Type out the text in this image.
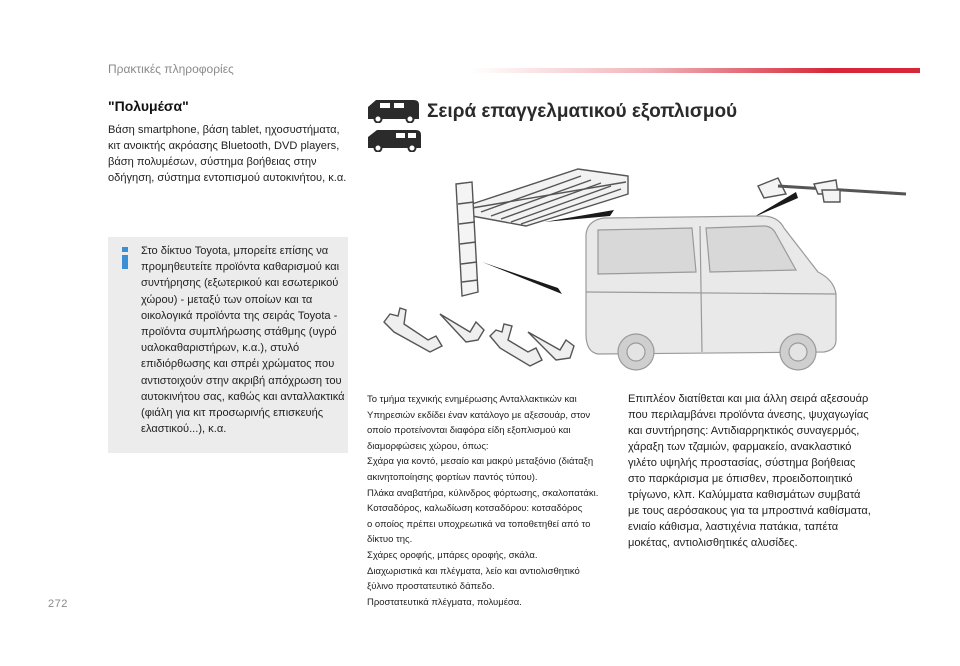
Πρακτικές πληροφορίες
"Πολυμέσα"

Βάση smartphone, βάση tablet, ηχοσυστήματα, κιτ ανοικτής ακρόασης Bluetooth, DVD players, βάση πολυμέσων, σύστημα βοήθειας στην οδήγηση, σύστημα εντοπισμού αυτοκινήτου, κ.α.

Στο δίκτυο Toyota, μπορείτε επίσης να προμηθευτείτε προϊόντα καθαρισμού και συντήρησης (εξωτερικού και εσωτερικού χώρου) - μεταξύ των οποίων και τα οικολογικά προϊόντα της σειράς Toyota - προϊόντα συμπλήρωσης στάθμης (υγρό υαλοκαθαριστήρων, κ.α.), στυλό επιδιόρθωσης και σπρέι χρώματος που αντιστοιχούν στην ακριβή απόχρωση του αυτοκινήτου σας, καθώς και ανταλλακτικά (φιάλη για κιτ προσωρινής επισκευής ελαστικού...), κ.α.
Σειρά επαγγελματικού εξοπλισμού

Το τμήμα τεχνικής ενημέρωσης Ανταλλακτικών και

Υπηρεσιών εκδίδει έναν κατάλογο με αξεσουάρ, στον

οποίο προτείνονται διαφόρα είδη εξοπλισμού και

διαμορφώσεις χώρου, όπως:

Σχάρα για κοντό, μεσαίο και μακρύ μεταξόνιο (διάταξη

ακινητοποίησης φορτίων παντός τύπου).

Πλάκα αναβατήρα, κύλινδρος φόρτωσης, σκαλοπατάκι.

Κοτσαδόρος, καλωδίωση κοτσαδόρου: κοτσαδόρος

ο οποίος πρέπει υποχρεωτικά να τοποθετηθεί από το

δίκτυο της.

Σχάρες οροφής, μπάρες οροφής, σκάλα.

Διαχωριστικά και πλέγματα, λείο και αντιολισθητικό

ξύλινο προστατευτικό δάπεδο.

Προστατευτικά πλέγματα, πολυμέσα.

Επιπλέον διατίθεται και μια άλλη σειρά αξεσουάρ που περιλαμβάνει προϊόντα άνεσης, ψυχαγωγίας και συντήρησης: Αντιδιαρρηκτικός συναγερμός, χάραξη των τζαμιών, φαρμακείο, ανακλαστικό γιλέτο υψηλής προστασίας, σύστημα βοήθειας στο παρκάρισμα με όπισθεν, προειδοποιητικό τρίγωνο, κλπ. Καλύμματα καθισμάτων συμβατά με τους αερόσακους για τα μπροστινά καθίσματα, ενιαίο κάθισμα, λαστιχένια πατάκια, ταπέτα μοκέτας, αντιολισθητικές αλυσίδες.

272
